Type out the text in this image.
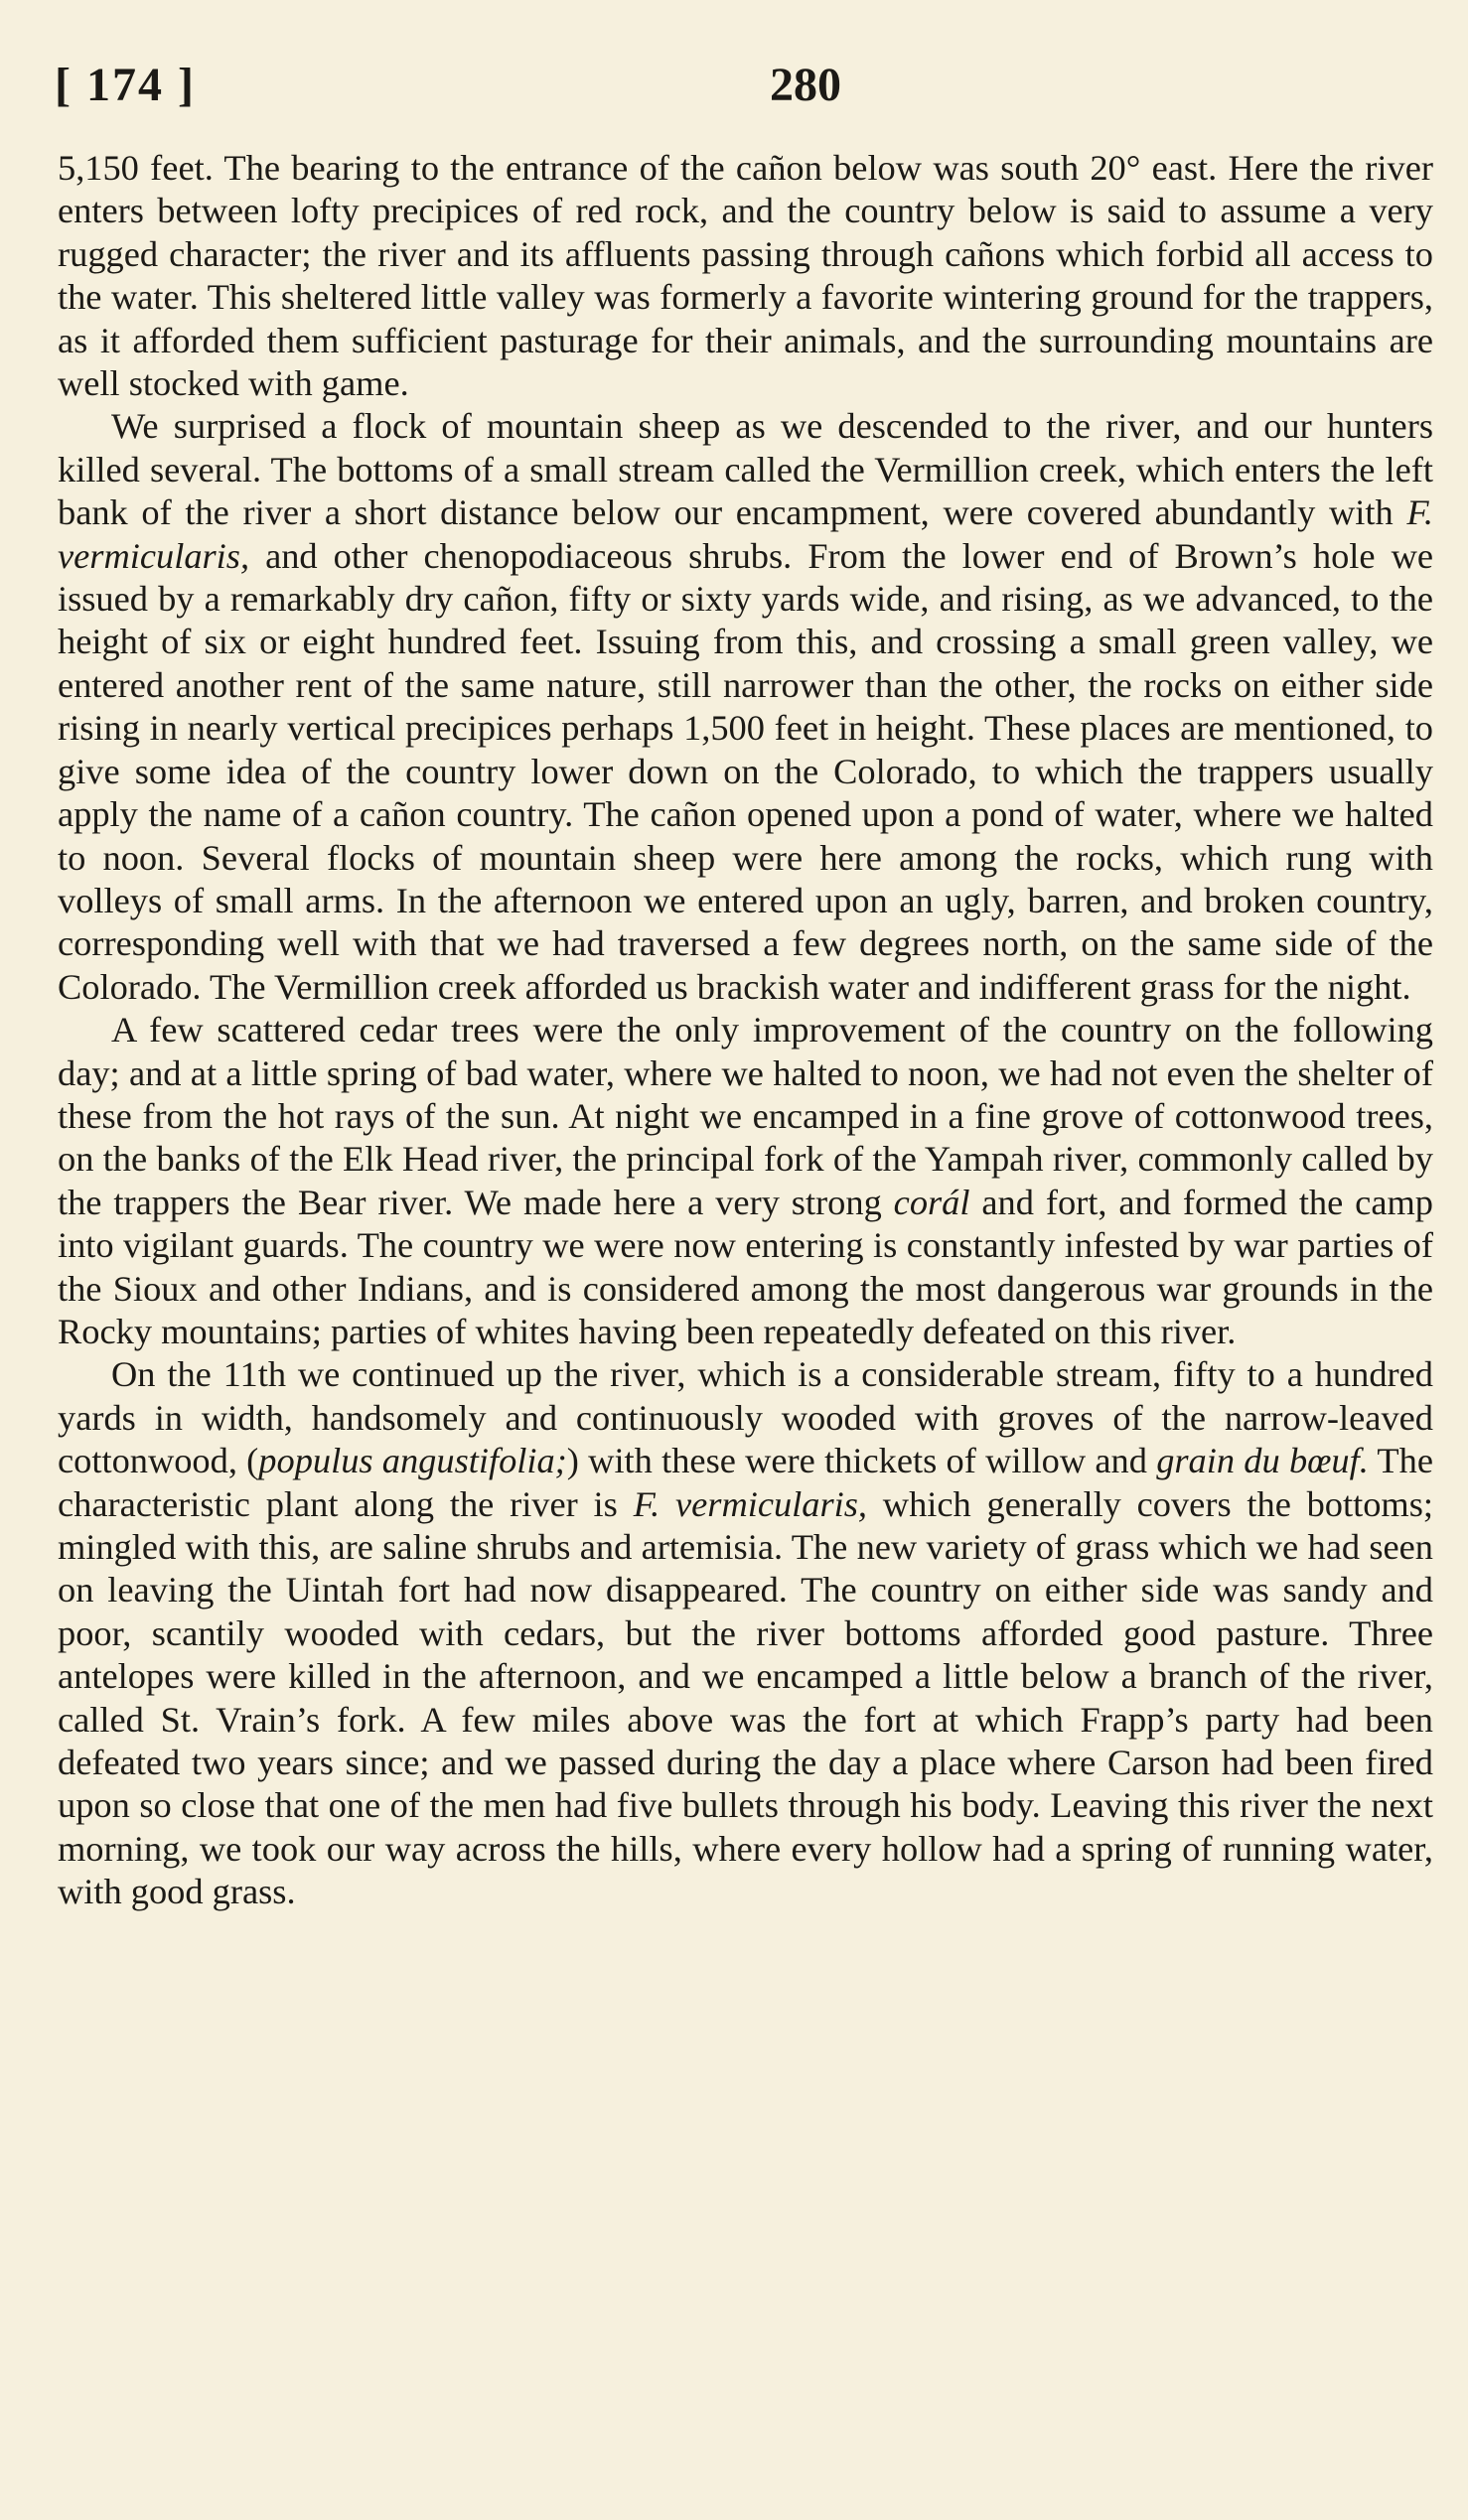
[ 174 ]	280

5,150 feet. The bearing to the entrance of the cañon below was south 20° east. Here the river enters between lofty precipices of red rock, and the country below is said to assume a very rugged character; the river and its affluents passing through cañons which forbid all access to the water. This sheltered little valley was formerly a favorite wintering ground for the trappers, as it afforded them sufficient pasturage for their animals, and the surrounding mountains are well stocked with game.

We surprised a flock of mountain sheep as we descended to the river, and our hunters killed several. The bottoms of a small stream called the Vermillion creek, which enters the left bank of the river a short distance below our encampment, were covered abundantly with F. vermicularis, and other chenopodiaceous shrubs. From the lower end of Brown’s hole we issued by a remarkably dry cañon, fifty or sixty yards wide, and rising, as we advanced, to the height of six or eight hundred feet. Issuing from this, and crossing a small green valley, we entered another rent of the same nature, still narrower than the other, the rocks on either side rising in nearly vertical precipices perhaps 1,500 feet in height. These places are mentioned, to give some idea of the country lower down on the Colorado, to which the trappers usually apply the name of a cañon country. The cañon opened upon a pond of water, where we halted to noon. Several flocks of mountain sheep were here among the rocks, which rung with volleys of small arms. In the afternoon we entered upon an ugly, barren, and broken country, corresponding well with that we had traversed a few degrees north, on the same side of the Colorado. The Vermillion creek afforded us brackish water and indifferent grass for the night.

A few scattered cedar trees were the only improvement of the country on the following day; and at a little spring of bad water, where we halted to noon, we had not even the shelter of these from the hot rays of the sun. At night we encamped in a fine grove of cottonwood trees, on the banks of the Elk Head river, the principal fork of the Yampah river, commonly called by the trappers the Bear river. We made here a very strong corál and fort, and formed the camp into vigilant guards. The country we were now entering is constantly infested by war parties of the Sioux and other Indians, and is considered among the most dangerous war grounds in the Rocky mountains; parties of whites having been repeatedly defeated on this river.

On the 11th we continued up the river, which is a considerable stream, fifty to a hundred yards in width, handsomely and continuously wooded with groves of the narrow-leaved cottonwood, (populus angustifolia;) with these were thickets of willow and grain du bœuf. The characteristic plant along the river is F. vermicularis, which generally covers the bottoms; mingled with this, are saline shrubs and artemisia. The new variety of grass which we had seen on leaving the Uintah fort had now disappeared. The country on either side was sandy and poor, scantily wooded with cedars, but the river bottoms afforded good pasture. Three antelopes were killed in the afternoon, and we encamped a little below a branch of the river, called St. Vrain’s fork. A few miles above was the fort at which Frapp’s party had been defeated two years since; and we passed during the day a place where Carson had been fired upon so close that one of the men had five bullets through his body. Leaving this river the next morning, we took our way across the hills, where every hollow had a spring of running water, with good grass.
